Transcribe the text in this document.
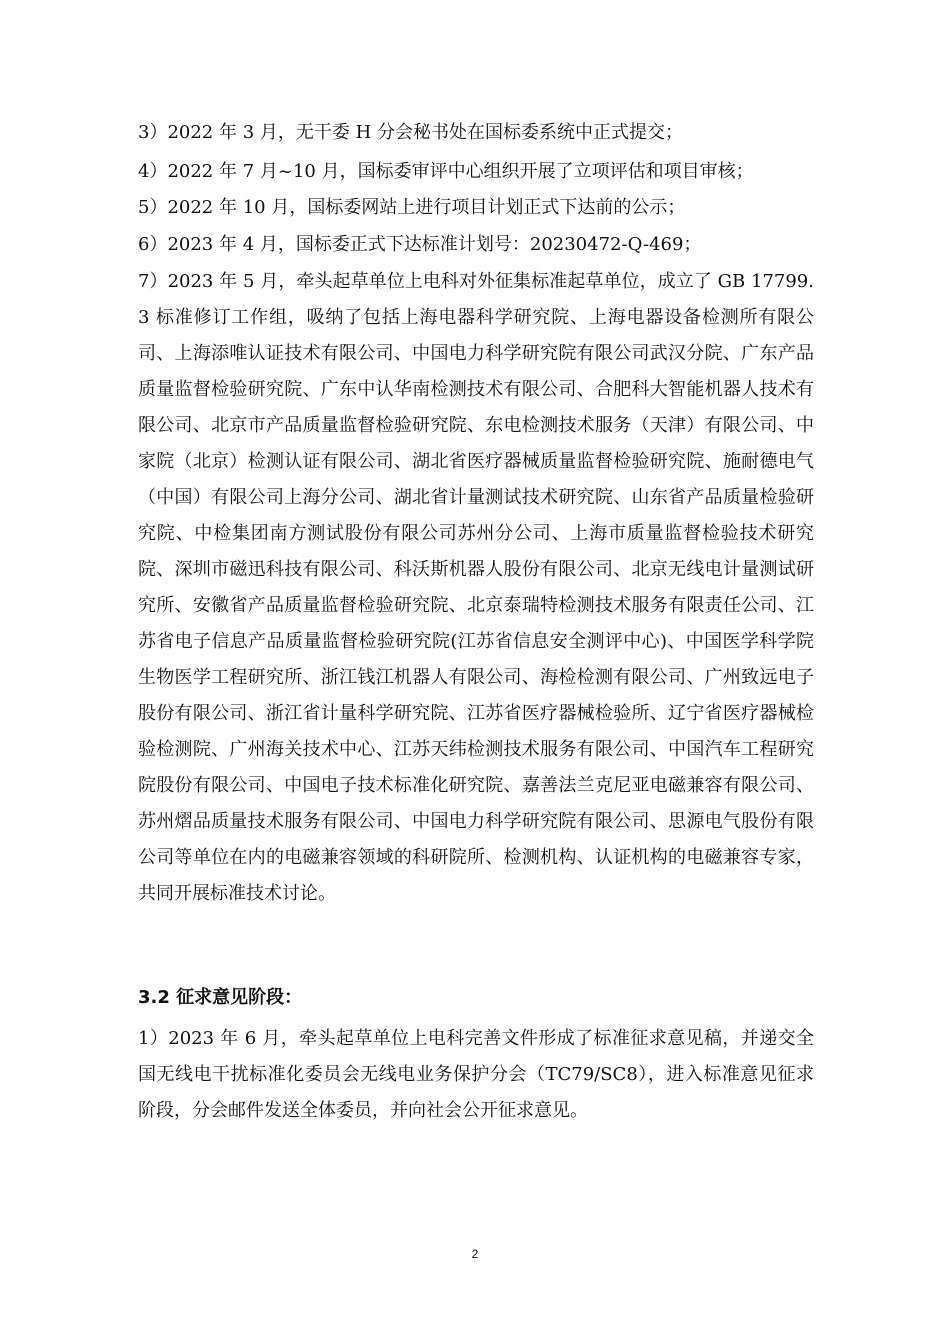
3）2022 年 3 月，无干委 H 分会秘书处在国标委系统中正式提交；
4）2022 年 7 月~10 月，国标委审评中心组织开展了立项评估和项目审核；
5）2022 年 10 月，国标委网站上进行项目计划正式下达前的公示；
6）2023 年 4 月，国标委正式下达标准计划号：20230472-Q-469；
7）2023 年 5 月，牵头起草单位上电科对外征集标准起草单位，成立了 GB 17799.3 标准修订工作组，吸纳了包括上海电器科学研究院、上海电器设备检测所有限公司、上海添唯认证技术有限公司、中国电力科学研究院有限公司武汉分院、广东产品质量监督检验研究院、广东中认华南检测技术有限公司、合肥科大智能机器人技术有限公司、北京市产品质量监督检验研究院、东电检测技术服务（天津）有限公司、中家院（北京）检测认证有限公司、湖北省医疗器械质量监督检验研究院、施耐德电气（中国）有限公司上海分公司、湖北省计量测试技术研究院、山东省产品质量检验研究院、中检集团南方测试股份有限公司苏州分公司、上海市质量监督检验技术研究院、深圳市磁迅科技有限公司、科沃斯机器人股份有限公司、北京无线电计量测试研究所、安徽省产品质量监督检验研究院、北京泰瑞特检测技术服务有限责任公司、江苏省电子信息产品质量监督检验研究院(江苏省信息安全测评中心)、中国医学科学院生物医学工程研究所、浙江钱江机器人有限公司、海检检测有限公司、广州致远电子股份有限公司、浙江省计量科学研究院、江苏省医疗器械检验所、辽宁省医疗器械检验检测院、广州海关技术中心、江苏天纬检测技术服务有限公司、中国汽车工程研究院股份有限公司、中国电子技术标准化研究院、嘉善法兰克尼亚电磁兼容有限公司、苏州熠品质量技术服务有限公司、中国电力科学研究院有限公司、思源电气股份有限公司等单位在内的电磁兼容领域的科研院所、检测机构、认证机构的电磁兼容专家，共同开展标准技术讨论。
3.2 征求意见阶段：
1）2023 年 6 月，牵头起草单位上电科完善文件形成了标准征求意见稿，并递交全国无线电干扰标准化委员会无线电业务保护分会（TC79/SC8），进入标准意见征求阶段，分会邮件发送全体委员，并向社会公开征求意见。
2
